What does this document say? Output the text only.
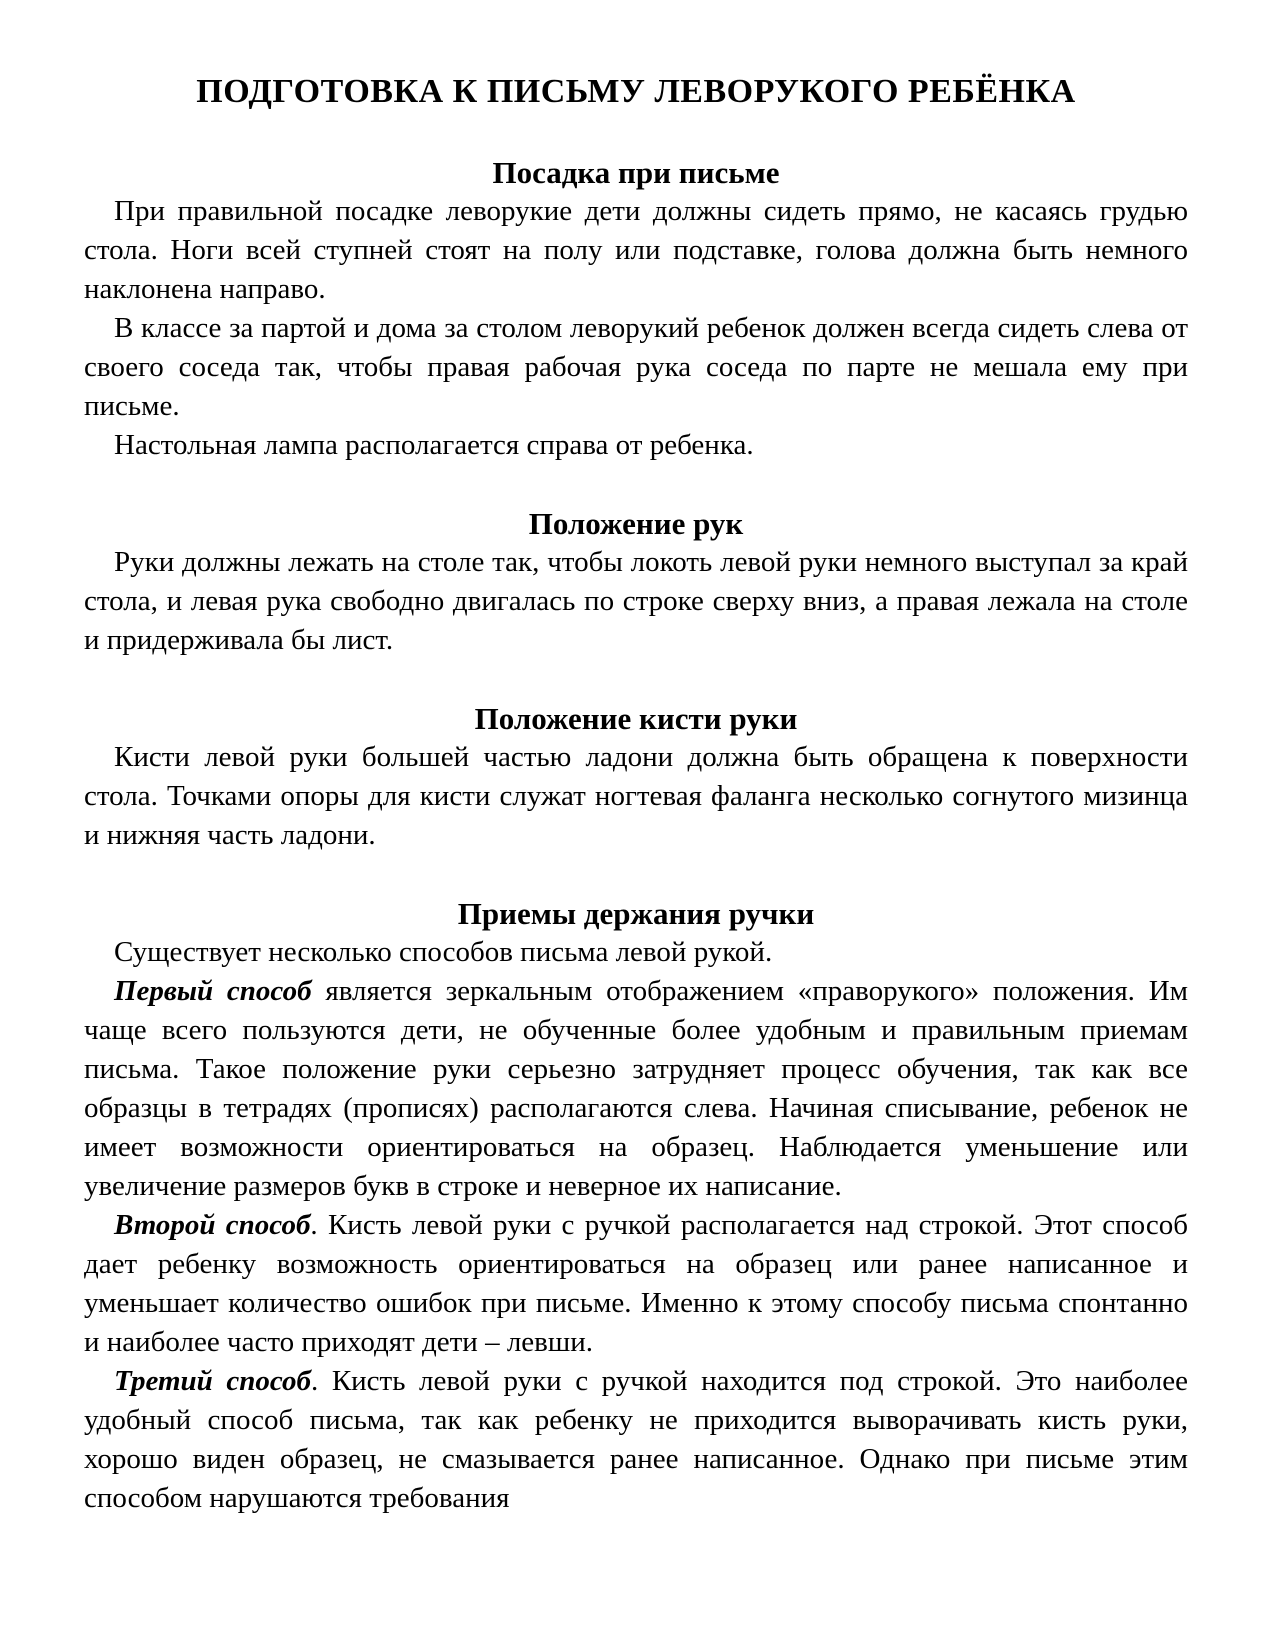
ПОДГОТОВКА К ПИСЬМУ ЛЕВОРУКОГО РЕБЁНКА
Посадка при письме

При правильной посадке леворукие дети должны сидеть прямо, не касаясь грудью стола. Ноги всей ступней стоят на полу или подставке, голова должна быть немного наклонена направо.

В классе за партой и дома за столом леворукий ребенок должен всегда сидеть слева от своего соседа так, чтобы правая рабочая рука соседа по парте не мешала ему при письме.

Настольная лампа располагается справа от ребенка.

Положение рук

Руки должны лежать на столе так, чтобы локоть левой руки немного выступал за край стола, и левая рука свободно двигалась по строке сверху вниз, а правая лежала на столе и придерживала бы лист.

Положение кисти руки

Кисти левой руки большей частью ладони должна быть обращена к поверхности стола. Точками опоры для кисти служат ногтевая фаланга несколько согнутого мизинца и нижняя часть ладони.

Приемы держания ручки

Существует несколько способов письма левой рукой.

Первый способ является зеркальным отображением «праворукого» положения. Им чаще всего пользуются дети, не обученные более удобным и правильным приемам письма. Такое положение руки серьезно затрудняет процесс обучения, так как все образцы в тетрадях (прописях) располагаются слева. Начиная списывание, ребенок не имеет возможности ориентироваться на образец. Наблюдается уменьшение или увеличение размеров букв в строке и неверное их написание.

Второй способ. Кисть левой руки с ручкой располагается над строкой. Этот способ дает ребенку возможность ориентироваться на образец или ранее написанное и уменьшает количество ошибок при письме. Именно к этому способу письма спонтанно и наиболее часто приходят дети – левши.

Третий способ. Кисть левой руки с ручкой находится под строкой. Это наиболее удобный способ письма, так как ребенку не приходится выворачивать кисть руки, хорошо виден образец, не смазывается ранее написанное. Однако при письме этим способом нарушаются требования
